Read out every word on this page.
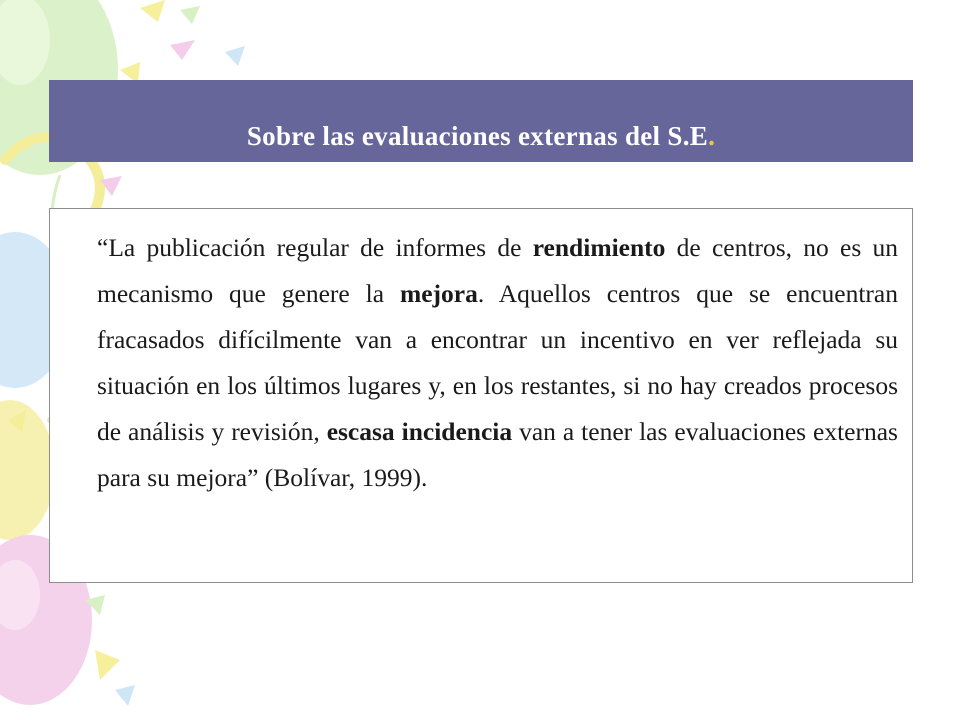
Sobre las evaluaciones externas del S.E.

“La publicación regular de informes de rendimiento de centros, no es un mecanismo que genere la mejora. Aquellos centros que se encuentran fracasados difícilmente van a encontrar un incentivo en ver reflejada su situación en los últimos lugares y, en los restantes, si no hay creados procesos de análisis y revisión, escasa incidencia van a tener las evaluaciones externas para su mejora” (Bolívar, 1999).
